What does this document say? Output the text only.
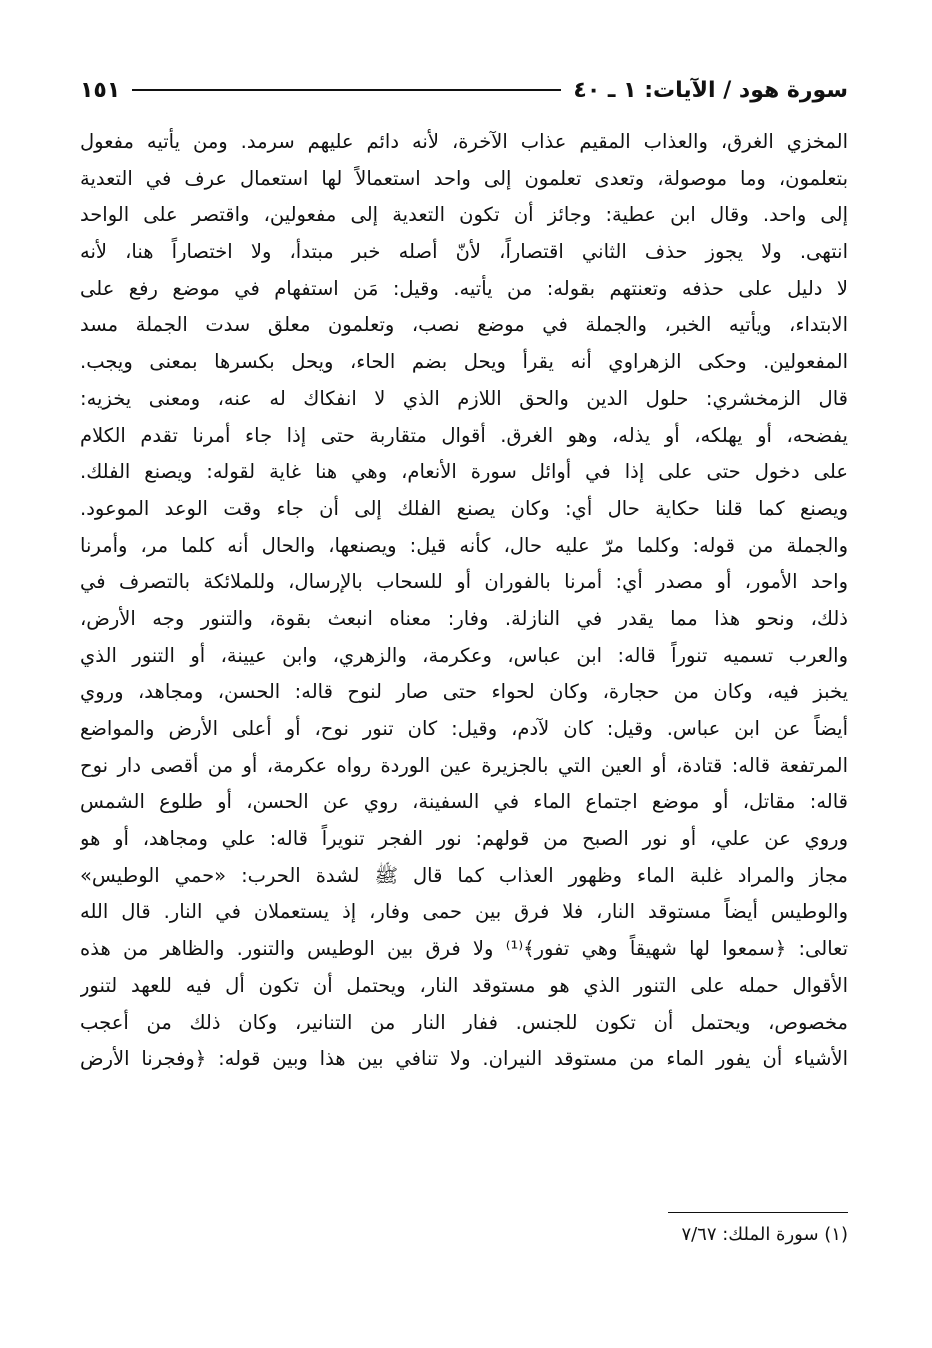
سورة هود / الآيات: ١ ـ ٤٠
١٥١
المخزي الغرق، والعذاب المقيم عذاب الآخرة، لأنه دائم عليهم سرمد. ومن يأتيه مفعول
بتعلمون، وما موصولة، وتعدى تعلمون إلى واحد استعمالاً لها استعمال عرف في التعدية
إلى واحد. وقال ابن عطية: وجائز أن تكون التعدية إلى مفعولين، واقتصر على الواحد
انتهى. ولا يجوز حذف الثاني اقتصاراً، لأنّ أصله خبر مبتدأ، ولا اختصاراً هنا، لأنه
لا دليل على حذفه وتعنتهم بقوله: من يأتيه. وقيل: مَن استفهام في موضع رفع على
الابتداء، ويأتيه الخبر، والجملة في موضع نصب، وتعلمون معلق سدت الجملة مسد
المفعولين. وحكى الزهراوي أنه يقرأ ويحل بضم الحاء، ويحل بكسرها بمعنى ويجب.
قال الزمخشري: حلول الدين والحق اللازم الذي لا انفكاك له عنه، ومعنى يخزيه:
يفضحه، أو يهلكه، أو يذله، وهو الغرق. أقوال متقاربة حتى إذا جاء أمرنا تقدم الكلام
على دخول حتى على إذا في أوائل سورة الأنعام، وهي هنا غاية لقوله: ويصنع الفلك.
ويصنع كما قلنا حكاية حال أي: وكان يصنع الفلك إلى أن جاء وقت الوعد الموعود.
والجملة من قوله: وكلما مرّ عليه حال، كأنه قيل: ويصنعها، والحال أنه كلما مر، وأمرنا
واحد الأمور، أو مصدر أي: أمرنا بالفوران أو للسحاب بالإرسال، وللملائكة بالتصرف في
ذلك، ونحو هذا مما يقدر في النازلة. وفار: معناه انبعث بقوة، والتنور وجه الأرض،
والعرب تسميه تنوراً قاله: ابن عباس، وعكرمة، والزهري، وابن عيينة، أو التنور الذي
يخبز فيه، وكان من حجارة، وكان لحواء حتى صار لنوح قاله: الحسن، ومجاهد، وروي
أيضاً عن ابن عباس. وقيل: كان لآدم، وقيل: كان تنور نوح، أو أعلى الأرض والمواضع
المرتفعة قاله: قتادة، أو العين التي بالجزيرة عين الوردة رواه عكرمة، أو من أقصى دار نوح
قاله: مقاتل، أو موضع اجتماع الماء في السفينة، روي عن الحسن، أو طلوع الشمس
وروي عن علي، أو نور الصبح من قولهم: نور الفجر تنويراً قاله: علي ومجاهد، أو هو
مجاز والمراد غلبة الماء وظهور العذاب كما قال ﷺ لشدة الحرب: «حمي الوطيس»
والوطيس أيضاً مستوقد النار، فلا فرق بين حمى وفار، إذ يستعملان في النار. قال الله
تعالى: ﴿سمعوا لها شهيقاً وهي تفور﴾⁽¹⁾ ولا فرق بين الوطيس والتنور. والظاهر من هذه
الأقوال حمله على التنور الذي هو مستوقد النار، ويحتمل أن تكون أل فيه للعهد لتنور
مخصوص، ويحتمل أن تكون للجنس. ففار النار من التنانير، وكان ذلك من أعجب
الأشياء أن يفور الماء من مستوقد النيران. ولا تنافي بين هذا وبين قوله: ﴿وفجرنا الأرض
(١) سورة الملك: ٧/٦٧
